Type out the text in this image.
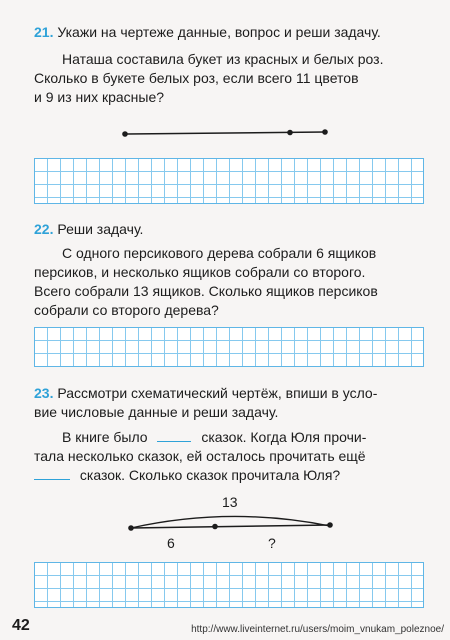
21. Укажи на чертеже данные, вопрос и реши задачу.
Наташа составила букет из красных и белых роз.
Сколько в букете белых роз, если всего 11 цветов
и 9 из них красные?
22. Реши задачу.
С одного персикового дерева собрали 6 ящиков
персиков, и несколько ящиков собрали со второго.
Всего собрали 13 ящиков. Сколько ящиков персиков
собрали со второго дерева?
23. Рассмотри схематический чертёж, впиши в усло-
вие числовые данные и реши задачу.
В книге было	сказок. Когда Юля прочи-
тала несколько сказок, ей осталось прочитать ещё
сказок. Сколько сказок прочитала Юля?
13
6	?
42	http://www.liveinternet.ru/users/moim_vnukam_poleznoe/
